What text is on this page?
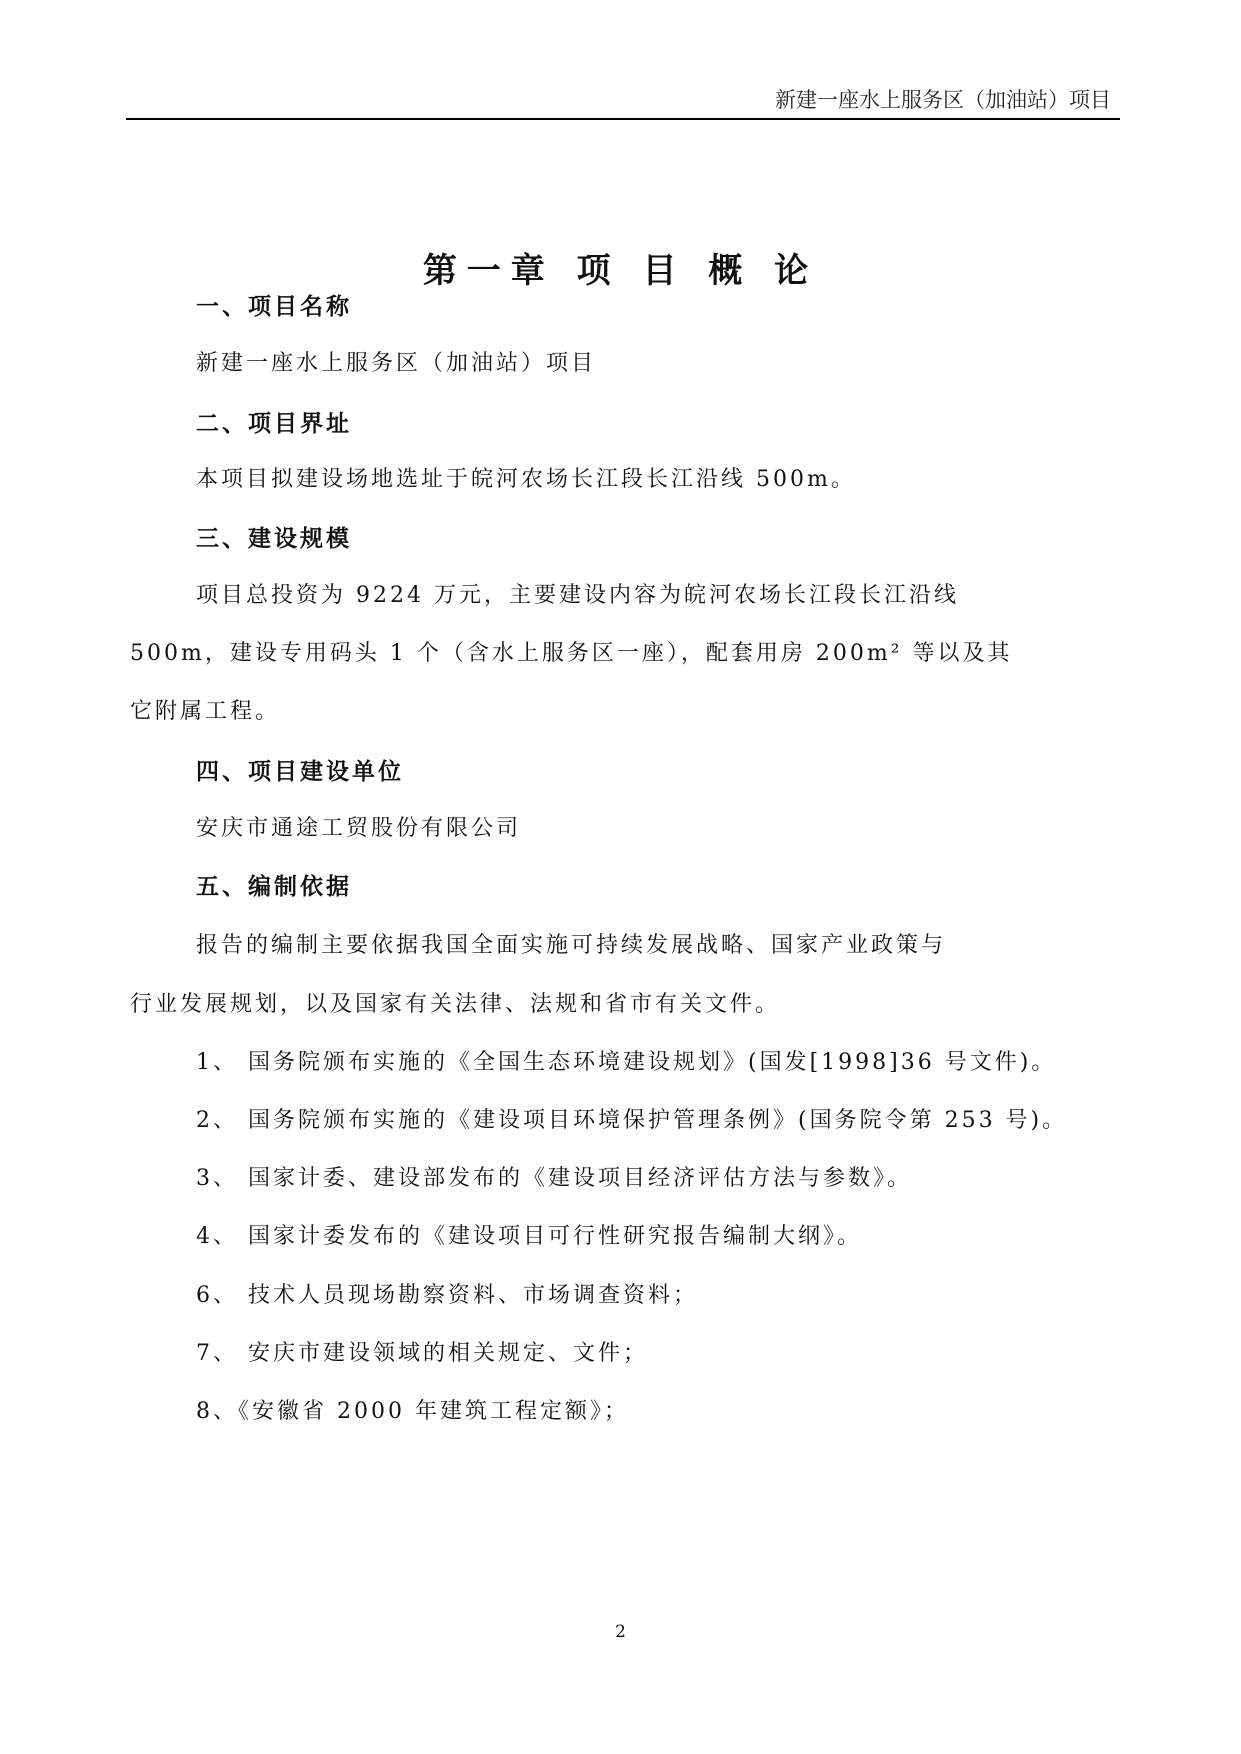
新建一座水上服务区（加油站）项目
第一章 项 目 概 论
一、项目名称
新建一座水上服务区（加油站）项目
二、项目界址
本项目拟建设场地选址于皖河农场长江段长江沿线 500m。
三、建设规模
项目总投资为 9224 万元，主要建设内容为皖河农场长江段长江沿线
500m，建设专用码头 1 个（含水上服务区一座），配套用房 200m² 等以及其
它附属工程。
四、项目建设单位
安庆市通途工贸股份有限公司
五、编制依据
报告的编制主要依据我国全面实施可持续发展战略、国家产业政策与
行业发展规划，以及国家有关法律、法规和省市有关文件。
1、 国务院颁布实施的《全国生态环境建设规划》(国发[1998]36 号文件)。
2、 国务院颁布实施的《建设项目环境保护管理条例》(国务院令第 253 号)。
3、 国家计委、建设部发布的《建设项目经济评估方法与参数》。
4、 国家计委发布的《建设项目可行性研究报告编制大纲》。
6、 技术人员现场勘察资料、市场调查资料；
7、 安庆市建设领域的相关规定、文件；
8、《安徽省 2000 年建筑工程定额》；
2
